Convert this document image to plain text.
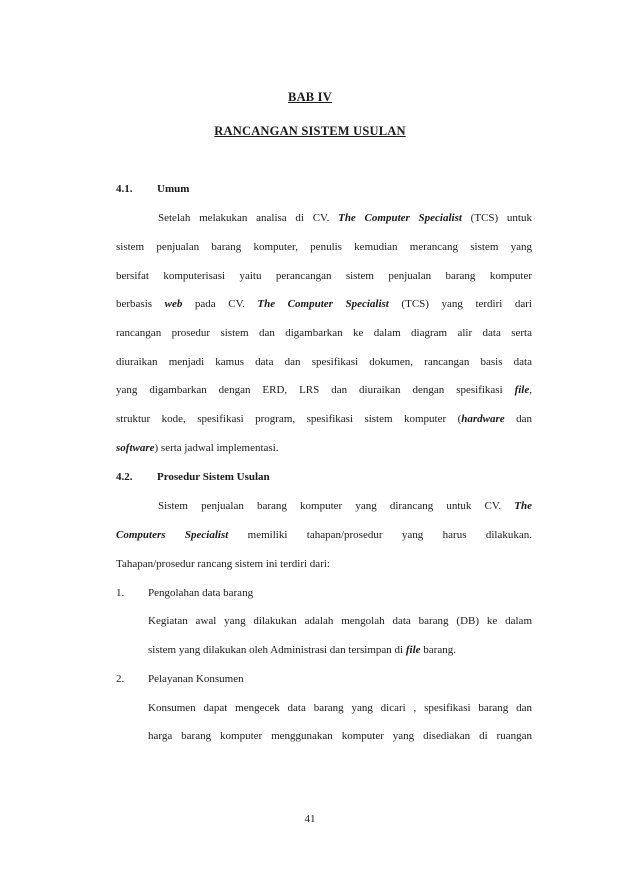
BAB IV
RANCANGAN SISTEM USULAN
4.1. Umum
Setelah melakukan analisa di CV. The Computer Specialist (TCS) untuk
sistem penjualan barang komputer, penulis kemudian merancang sistem yang
bersifat komputerisasi yaitu perancangan sistem penjualan barang komputer
berbasis web pada CV. The Computer Specialist (TCS) yang terdiri dari
rancangan prosedur sistem dan digambarkan ke dalam diagram alir data serta
diuraikan menjadi kamus data dan spesifikasi dokumen, rancangan basis data
yang digambarkan dengan ERD, LRS dan diuraikan dengan spesifikasi file,
struktur kode, spesifikasi program, spesifikasi sistem komputer (hardware dan
software) serta jadwal implementasi.
4.2. Prosedur Sistem Usulan
Sistem penjualan barang komputer yang dirancang untuk CV. The
Computers Specialist memiliki tahapan/prosedur yang harus dilakukan.
Tahapan/prosedur rancang sistem ini terdiri dari:
1. Pengolahan data barang
Kegiatan awal yang dilakukan adalah mengolah data barang (DB) ke dalam
sistem yang dilakukan oleh Administrasi dan tersimpan di file barang.
2. Pelayanan Konsumen
Konsumen dapat mengecek data barang yang dicari , spesifikasi barang dan
harga barang komputer menggunakan komputer yang disediakan di ruangan
41
